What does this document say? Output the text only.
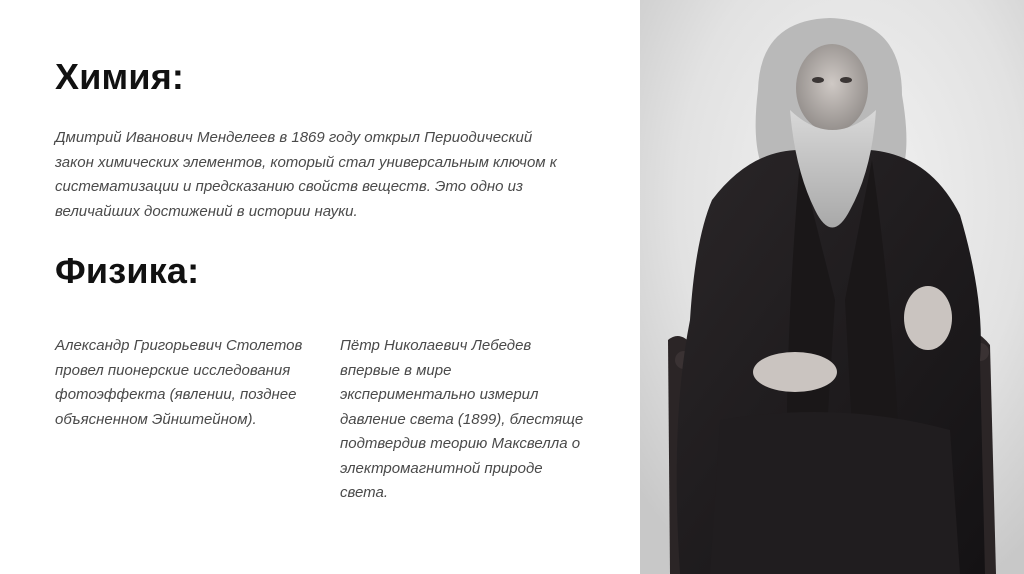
Химия:

Дмитрий Иванович Менделеев в 1869 году открыл Периодический закон химических элементов, который стал универсальным ключом к систематизации и предсказанию свойств веществ. Это одно из величайших достижений в истории науки.

Физика:

Александр Григорьевич Столетов провел пионерские исследования фотоэффекта (явлении, позднее объясненном Эйнштейном).

Пётр Николаевич Лебедев впервые в мире экспериментально измерил давление света (1899), блестяще подтвердив теорию Максвелла о электромагнитной природе света.
